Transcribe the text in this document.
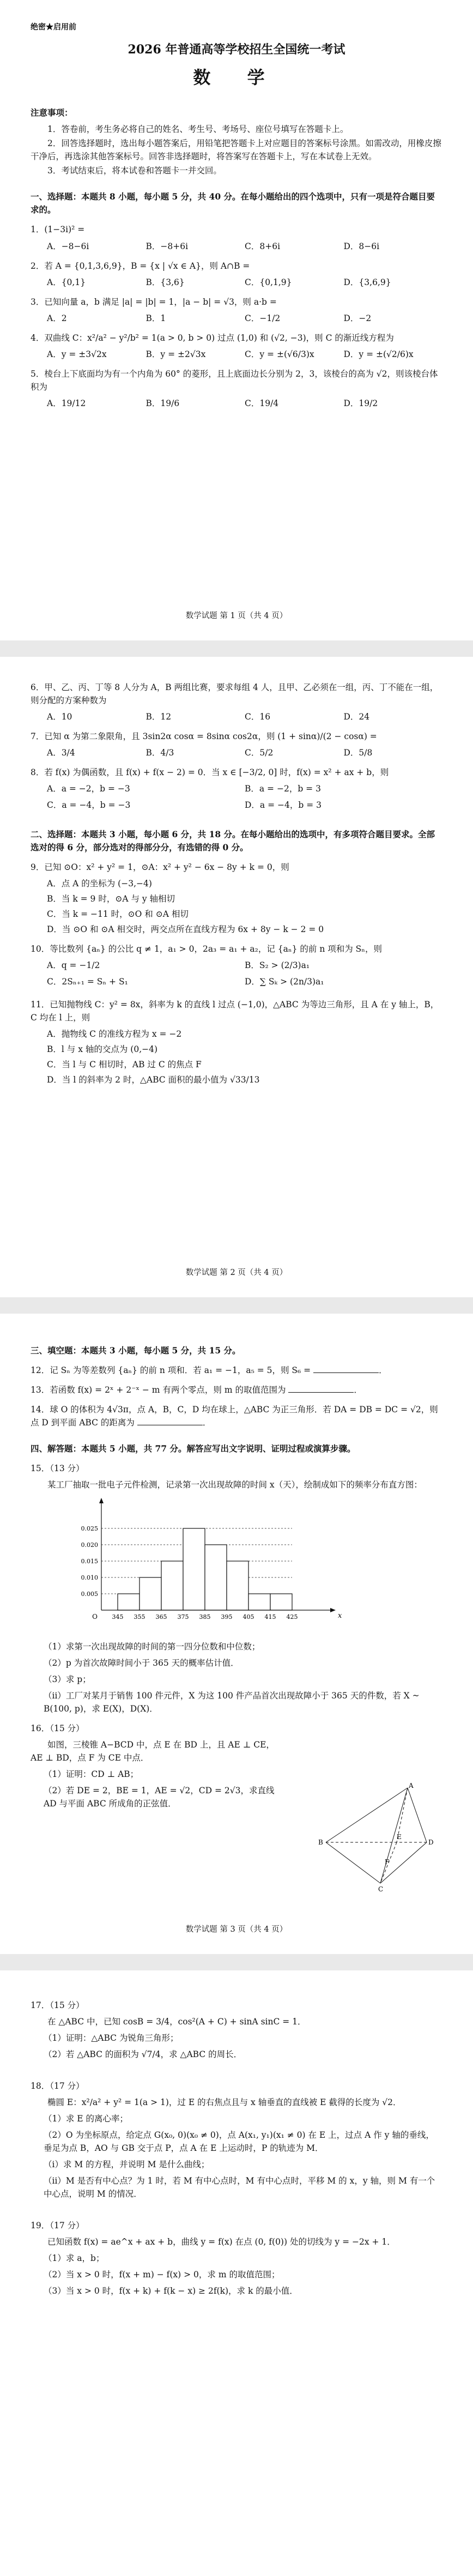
绝密★启用前
2026 年普通高等学校招生全国统一考试
数 学
注意事项：
1．答卷前，考生务必将自己的姓名、考生号、考场号、座位号填写在答题卡上。
2．回答选择题时，选出每小题答案后，用铅笔把答题卡上对应题目的答案标号涂黑。如需改动，用橡皮擦干净后，再选涂其他答案标号。回答非选择题时，将答案写在答题卡上，写在本试卷上无效。
3．考试结束后，将本试卷和答题卡一并交回。
一、选择题：本题共 8 小题，每小题 5 分，共 40 分。在每小题给出的四个选项中，只有一项是符合题目要求的。
1．(1−3i)² =
A．−8−6i	B．−8+6i	C．8+6i	D．8−6i
2．若 A = {0,1,3,6,9}，B = {x | √x ∈ A}，则 A∩B =
A．{0,1}	B．{3,6}	C．{0,1,9}	D．{3,6,9}
3．已知向量 a，b 满足 |a| = |b| = 1，|a − b| = √3，则 a·b =
A．2	B．1	C．−1/2	D．−2
4．双曲线 C：x²/a² − y²/b² = 1(a > 0, b > 0) 过点 (1,0) 和 (√2, −3)，则 C 的渐近线方程为
A．y = ±3√2x	B．y = ±2√3x	C．y = ±(√6/3)x	D．y = ±(√2/6)x
5．棱台上下底面均为有一个内角为 60° 的菱形，且上底面边长分别为 2，3，该棱台的高为 √2，则该棱台体积为
A．19/12	B．19/6	C．19/4	D．19/2
数学试题 第 1 页（共 4 页）
6．甲、乙、丙、丁等 8 人分为 A，B 两组比赛，要求每组 4 人，且甲、乙必须在一组，丙、丁不能在一组，则分配的方案种数为
A．10	B．12	C．16	D．24
7．已知 α 为第二象限角，且 3sin2α cosα = 8sinα cos2α，则 (1 + sinα)/(2 − cosα) =
A．3/4	B．4/3	C．5/2	D．5/8
8．若 f(x) 为偶函数，且 f(x) + f(x − 2) = 0．当 x ∈ [−3/2, 0] 时，f(x) = x² + ax + b，则
A．a = −2，b = −3	B．a = −2，b = 3
C．a = −4，b = −3	D．a = −4，b = 3
二、选择题：本题共 3 小题，每小题 6 分，共 18 分。在每小题给出的选项中，有多项符合题目要求。全部选对的得 6 分，部分选对的得部分分，有选错的得 0 分。
9．已知 ⊙O：x² + y² = 1，⊙A：x² + y² − 6x − 8y + k = 0，则
A．点 A 的坐标为 (−3,−4)
B．当 k = 9 时，⊙A 与 y 轴相切
C．当 k = −11 时，⊙O 和 ⊙A 相切
D．当 ⊙O 和 ⊙A 相交时，两交点所在直线方程为 6x + 8y − k − 2 = 0
10．等比数列 {aₙ} 的公比 q ≠ 1，a₁ > 0，2a₃ = a₁ + a₂，记 {aₙ} 的前 n 项和为 Sₙ，则
A．q = −1/2	B．S₂ > (2/3)a₁
C．2Sₙ₊₁ = Sₙ + S₁	D．∑ Sₖ > (2n/3)a₁
11．已知抛物线 C：y² = 8x，斜率为 k 的直线 l 过点 (−1,0)，△ABC 为等边三角形，且 A 在 y 轴上，B，C 均在 l 上，则
A．抛物线 C 的准线方程为 x = −2
B．l 与 x 轴的交点为 (0,−4)
C．当 l 与 C 相切时，AB 过 C 的焦点 F
D．当 l 的斜率为 2 时，△ABC 面积的最小值为 √33/13
数学试题 第 2 页（共 4 页）
三、填空题：本题共 3 小题，每小题 5 分，共 15 分。
12．记 Sₙ 为等差数列 {aₙ} 的前 n 项和．若 a₁ = −1，a₅ = 5，则 S₆ =	．
13．若函数 f(x) = 2ˣ + 2⁻ˣ − m 有两个零点，则 m 的取值范围为	．
14．球 O 的体积为 4√3π，点 A，B，C，D 均在球上，△ABC 为正三角形．若 DA = DB = DC = √2，则点 D 到平面 ABC 的距离为	．
四、解答题：本题共 5 小题，共 77 分。解答应写出文字说明、证明过程或演算步骤。
15．（13 分）
某工厂抽取一批电子元件检测，记录第一次出现故障的时间 x（天），绘制成如下的频率分布直方图：
x
O
0.005
0.010
0.015
0.020
0.025
345 355 365 375 385 395 405 415 425
（1）求第一次出现故障的时间的第一四分位数和中位数；
（2）p 为首次故障时间小于 365 天的概率估计值．
（3）求 p；
（ⅱ）工厂对某月于销售 100 件元件，X 为这 100 件产品首次出现故障小于 365 天的件数，若 X ~ B(100, p)，求 E(X)，D(X)．
16．（15 分）
如图，三棱锥 A−BCD 中，点 E 在 BD 上，且 AE ⊥ CE，AE ⊥ BD，点 F 为 CE 中点．
（1）证明：CD ⊥ AB；
（2）若 DE = 2，BE = 1，AE = √2，CD = 2√3，求直线 AD 与平面 ABC 所成角的正弦值．
A
B
C
D
E
F
数学试题 第 3 页（共 4 页）
17．（15 分）
在 △ABC 中，已知 cosB = 3/4，cos²(A + C) + sinA sinC = 1．
（1）证明：△ABC 为锐角三角形；
（2）若 △ABC 的面积为 √7/4，求 △ABC 的周长．
18．（17 分）
椭圆 E：x²/a² + y² = 1(a > 1)，过 E 的右焦点且与 x 轴垂直的直线被 E 截得的长度为 √2．
（1）求 E 的离心率；
（2）O 为坐标原点，给定点 G(x₀, 0)(x₀ ≠ 0)，点 A(x₁, y₁)(x₁ ≠ 0) 在 E 上，过点 A 作 y 轴的垂线，垂足为点 B，AO 与 GB 交于点 P，点 A 在 E 上运动时，P 的轨迹为 M．
（ⅰ）求 M 的方程，并说明 M 是什么曲线；
（ⅱ）M 是否有中心点？为 1 时，若 M 有中心点时，M 有中心点时，平移 M 的 x，y 轴，则 M 有一个中心点，说明 M 的情况．
19．（17 分）
已知函数 f(x) = ae^x + ax + b，曲线 y = f(x) 在点 (0, f(0)) 处的切线为 y = −2x + 1．
（1）求 a，b；
（2）当 x > 0 时，f(x + m) − f(x) > 0，求 m 的取值范围；
（3）当 x > 0 时，f(x + k) + f(k − x) ≥ 2f(k)，求 k 的最小值．
